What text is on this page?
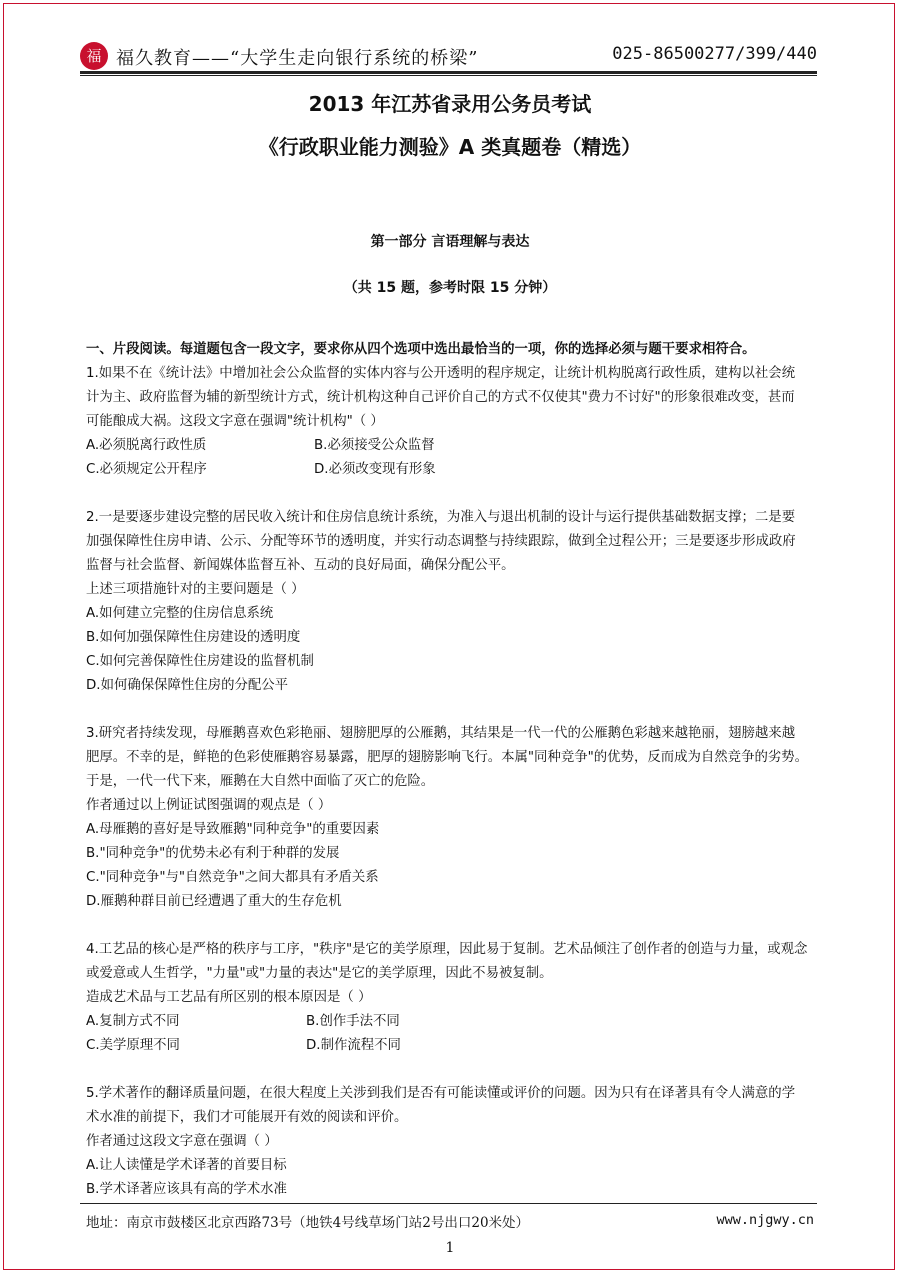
福 福久教育——“大学生走向银行系统的桥梁”	025-86500277/399/440
2013 年江苏省录用公务员考试
《行政职业能力测验》A 类真题卷（精选）
第一部分 言语理解与表达
（共 15 题，参考时限 15 分钟）

一、片段阅读。每道题包含一段文字，要求你从四个选项中选出最恰当的一项，你的选择必须与题干要求相符合。

1.如果不在《统计法》中增加社会公众监督的实体内容与公开透明的程序规定，让统计机构脱离行政性质，建构以社会统

计为主、政府监督为辅的新型统计方式，统计机构这种自己评价自己的方式不仅使其"费力不讨好"的形象很难改变，甚而

可能酿成大祸。这段文字意在强调"统计机构"（ ）

A.必须脱离行政性质	B.必须接受公众监督
C.必须规定公开程序	D.必须改变现有形象

2.一是要逐步建设完整的居民收入统计和住房信息统计系统，为准入与退出机制的设计与运行提供基础数据支撑；二是要

加强保障性住房申请、公示、分配等环节的透明度，并实行动态调整与持续跟踪，做到全过程公开；三是要逐步形成政府

监督与社会监督、新闻媒体监督互补、互动的良好局面，确保分配公平。

上述三项措施针对的主要问题是（ ）

A.如何建立完整的住房信息系统

B.如何加强保障性住房建设的透明度

C.如何完善保障性住房建设的监督机制

D.如何确保保障性住房的分配公平

3.研究者持续发现，母雁鹅喜欢色彩艳丽、翅膀肥厚的公雁鹅，其结果是一代一代的公雁鹅色彩越来越艳丽，翅膀越来越

肥厚。不幸的是，鲜艳的色彩使雁鹅容易暴露，肥厚的翅膀影响飞行。本属"同种竞争"的优势，反而成为自然竞争的劣势。

于是，一代一代下来，雁鹅在大自然中面临了灭亡的危险。

作者通过以上例证试图强调的观点是（ ）

A.母雁鹅的喜好是导致雁鹅"同种竞争"的重要因素

B."同种竞争"的优势未必有利于种群的发展

C."同种竞争"与"自然竞争"之间大都具有矛盾关系

D.雁鹅种群目前已经遭遇了重大的生存危机

4.工艺品的核心是严格的秩序与工序，"秩序"是它的美学原理，因此易于复制。艺术品倾注了创作者的创造与力量，或观念

或爱意或人生哲学，"力量"或"力量的表达"是它的美学原理，因此不易被复制。

造成艺术品与工艺品有所区别的根本原因是（ ）

A.复制方式不同	B.创作手法不同
C.美学原理不同	D.制作流程不同

5.学术著作的翻译质量问题，在很大程度上关涉到我们是否有可能读懂或评价的问题。因为只有在译著具有令人满意的学

术水准的前提下，我们才可能展开有效的阅读和评价。

作者通过这段文字意在强调（ ）

A.让人读懂是学术译著的首要目标

B.学术译著应该具有高的学术水准

地址：南京市鼓楼区北京西路73号（地铁4号线草场门站2号出口20米处）	www.njgwy.cn
1
